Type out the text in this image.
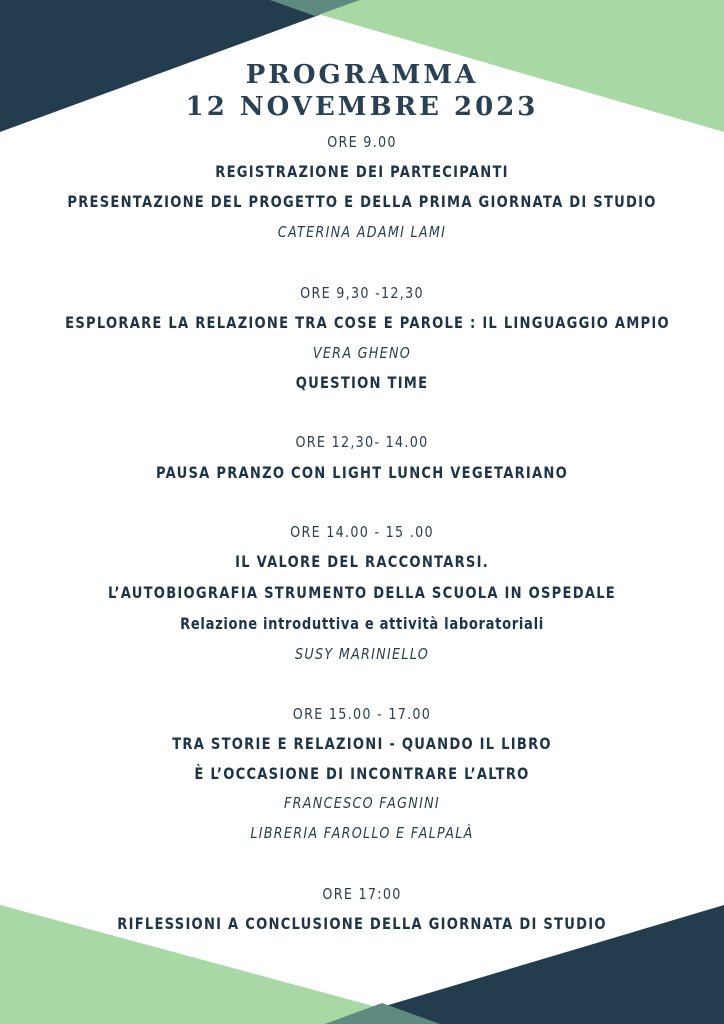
PROGRAMMA
12 NOVEMBRE 2023
ORE 9.00
REGISTRAZIONE DEI PARTECIPANTI
PRESENTAZIONE DEL PROGETTO E DELLA PRIMA GIORNATA DI STUDIO
CATERINA ADAMI LAMI
ORE 9,30 -12,30
ESPLORARE LA RELAZIONE TRA COSE E PAROLE : IL LINGUAGGIO AMPIO
VERA GHENO
QUESTION TIME
ORE 12,30- 14.00
PAUSA PRANZO CON LIGHT LUNCH VEGETARIANO
ORE 14.00 - 15 .00
IL VALORE DEL RACCONTARSI.
L’AUTOBIOGRAFIA STRUMENTO DELLA SCUOLA IN OSPEDALE
Relazione introduttiva e attività laboratoriali
SUSY MARINIELLO
ORE 15.00 - 17.00
TRA STORIE E RELAZIONI - QUANDO IL LIBRO
È L’OCCASIONE DI INCONTRARE L’ALTRO
FRANCESCO FAGNINI
LIBRERIA FAROLLO E FALPALÀ
ORE 17:00
RIFLESSIONI A CONCLUSIONE DELLA GIORNATA DI STUDIO
